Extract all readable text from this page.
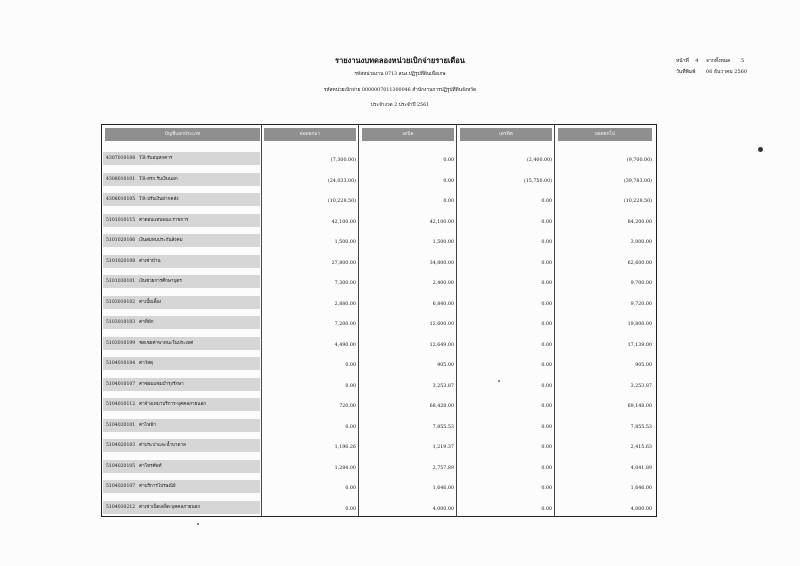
รายงานงบทดลองหน่วยเบิกจ่ายรายเดือน
รหัสหน่วยงาน 0713 สนง.ปฏิรูปที่ดินเพื่อเกษ
รหัสหน่วยเบิกจ่าย 0000007011300046 สำนักงานการปฏิรูปที่ดินจังหวัด
ประจำงวด 2 ประจำปี 2561
หน้าที่ 4 จากทั้งหมด 5
วันที่พิมพ์ 06 ธันวาคม 2560
บัญชีแยกประเภท	ยอดยกมา	เดบิต	เครดิต	ยอดยกไป
4307010108 TR-รับอนุหกคาร	(7,300.00)	0.00	(2,400.00)	(9,700.00)
4308010101 TR-สรก.รับเงินนอก	(24,033.00)	0.00	(15,750.00)	(39,783.00)
4308010105 TR-ปรับเงินฝากคลัง	(10,228.50)	0.00	0.00	(10,228.50)
5101010115 ค่าตอบแทนพนง.ราชการ	42,100.00	42,100.00	0.00	84,200.00
5101020106 เงินสมทบประกันสังคม	1,500.00	1,500.00	0.00	3,000.00
5101020108 ค่าเช่าบ้าน	27,800.00	34,800.00	0.00	62,600.00
5101030101 เงินช่วยการศึกษาบุตร	7,300.00	2,400.00	0.00	9,700.00
5103010102 ค่าเบี้ยเลี้ยง	2,880.00	6,840.00	0.00	9,720.00
5103010103 ค่าที่พัก	7,200.00	12,600.00	0.00	19,800.00
5103010199 ชดเชยค่าพาหนะในประเทศ	4,490.00	12,649.00	0.00	17,139.00
5104010104 ค่าวัสดุ	0.00	905.00	0.00	905.00
5104010107 ค่าซ่อมแซมบำรุงรักษา	0.00	3,253.87	0.00	3,253.87
5104010112 ค่าจ้างเหมาบริการ-บุคคลภายนอก	720.00	68,428.00	0.00	69,148.00
5104020101 ค่าไฟฟ้า	0.00	7,855.53	0.00	7,855.53
5104020103 ค่าประปาและน้ำบาดาล	1,196.26	1,219.37	0.00	2,415.63
5104020105 ค่าโทรศัพท์	1,284.00	2,757.89	0.00	4,041.89
5104020107 ค่าบริการไปรษณีย์	0.00	1,646.00	0.00	1,646.00
5104030212 ค่าเช่าเบ็ดเตล็ด-บุคคลภายนอก	0.00	4,000.00	0.00	4,000.00
